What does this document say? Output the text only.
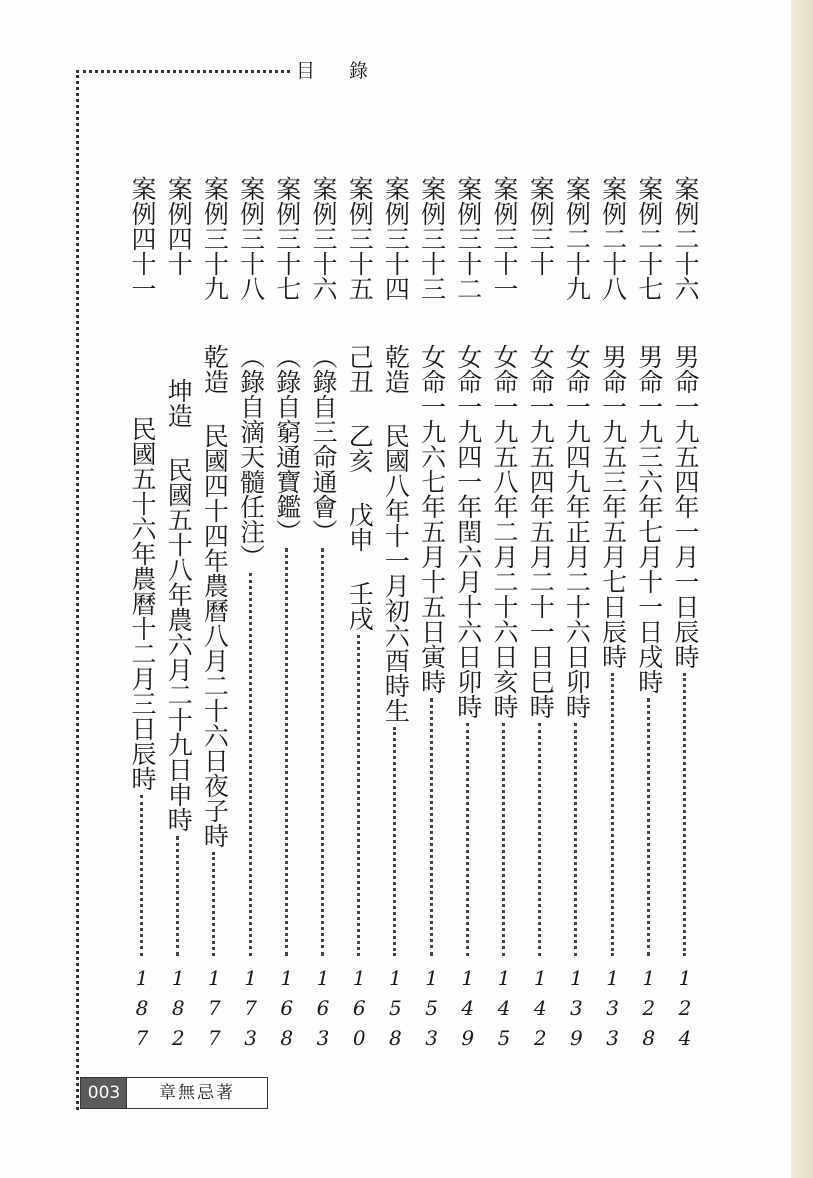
目 錄
案例二十六
男命一九五四年一月一日辰時
124
案例二十七
男命一九三六年七月十一日戌時
128
案例二十八
男命一九五三年五月七日辰時
133
案例二十九
女命一九四九年正月二十六日卯時
139
案例三十
女命一九五四年五月二十一日巳時
142
案例三十一
女命一九五八年二月二十六日亥時
145
案例三十二
女命一九四一年閏六月十六日卯時
149
案例三十三
女命一九六七年五月十五日寅時
153
案例三十四
乾造 民國八年十一月初六酉時生
158
案例三十五
己丑 乙亥 戊申 壬戌
160
案例三十六
（錄自三命通會）
163
案例三十七
（錄自窮通寶鑑）
168
案例三十八
（錄自滴天髓任注）
173
案例三十九
乾造 民國四十四年農曆八月二十六日夜子時
177
案例四十
坤造 民國五十八年農六月二十九日申時
182
案例四十一
民國五十六年農曆十二月三日辰時
187
003	章無忌著
